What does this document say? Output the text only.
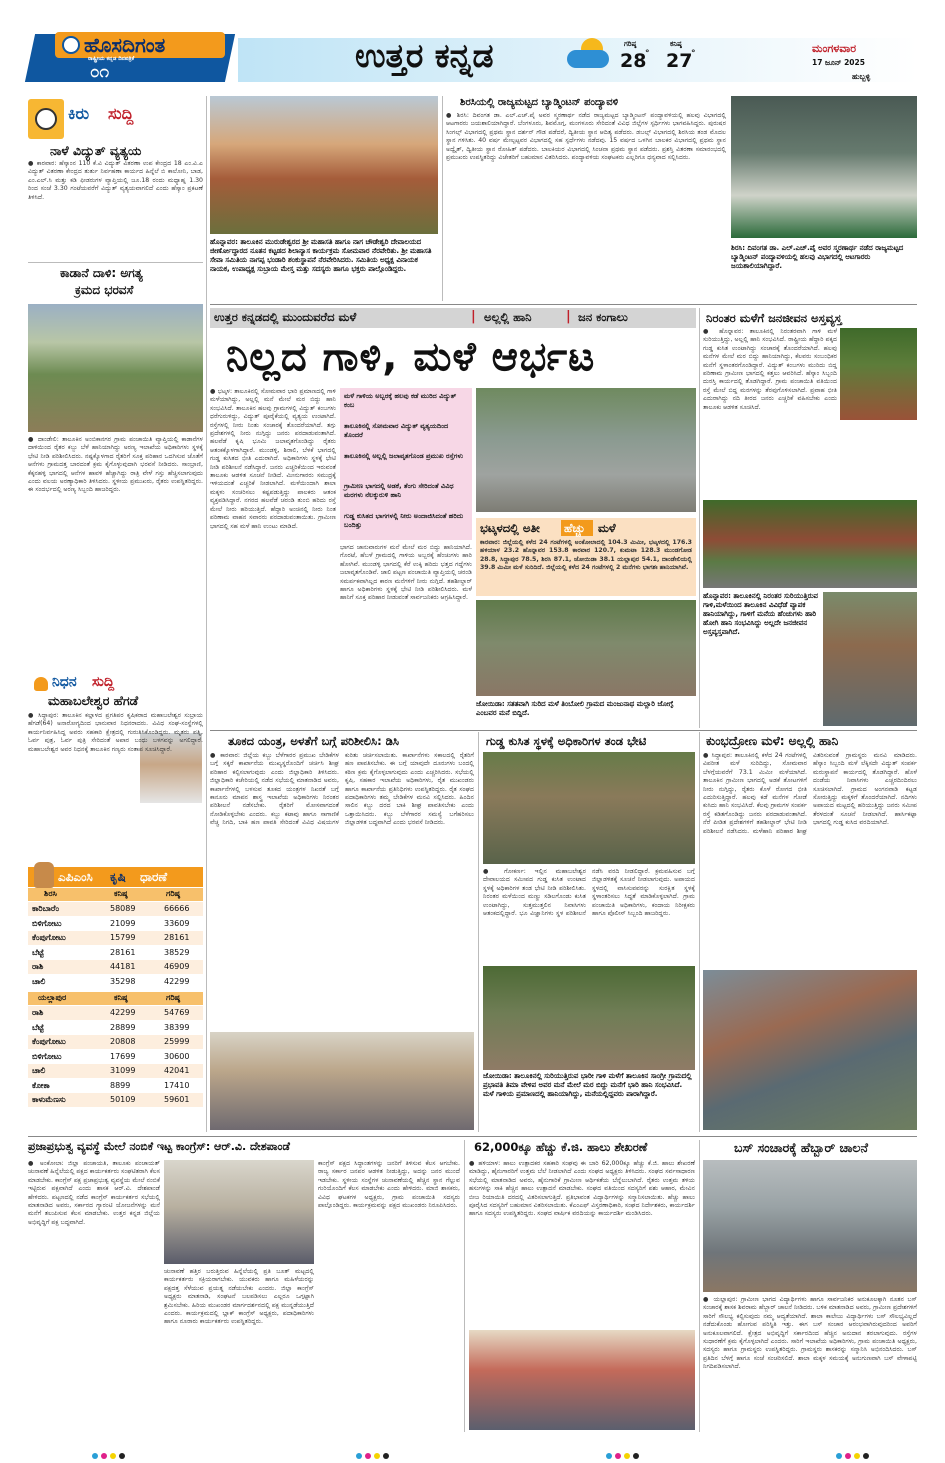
ಹೊಸದಿಗಂತ
ರಾಷ್ಟ್ರೀಯ ಕನ್ನಡ ದಿನಪತ್ರಿಕೆ
೦೧	ಉತ್ತರ ಕನ್ನಡ	ಗರಿಷ್ಠ
28
°
ಕನಿಷ್ಠ
27
°	ಮಂಗಳವಾರ
17 ಜೂನ್ 2025
ಹುಬ್ಬಳ್ಳಿ
ಕಿರು ಸುದ್ದಿ
ನಾಳೆ ವಿದ್ಯುತ್ ವ್ಯತ್ಯಯ
● ಕಾರವಾರ: ಹೆಸ್ಕಾಂನ 110 ಕೆ.ವಿ ವಿದ್ಯುತ್ ವಿತರಣಾ ಉಪ ಕೇಂದ್ರದ 18 ಎಂ.ವಿ.ಎ ವಿದ್ಯುತ್ ವಿತರಣಾ ಕೇಂದ್ರದ ತುರ್ತು ನಿರ್ವಹಣಾ ಕಾರ್ಯದ ಹಿನ್ನೆಲೆ ಬಿ ಕಾಲೋನಿ, ಬಾಡ, ಎಂ.ಎಲ್.ಸಿ ಮತ್ತು ಕಡಿ ಫೀಡರುಗಳ ವ್ಯಾಪ್ತಿಯಲ್ಲಿ ಜೂ.18 ರಂದು ಮಧ್ಯಾಹ್ನ 1.30 ರಿಂದ ಸಂಜೆ 3.30 ಗಂಟೆಯವರೆಗೆ ವಿದ್ಯುತ್ ವ್ಯತ್ಯಯವಾಗಲಿದೆ ಎಂದು ಹೆಸ್ಕಾಂ ಪ್ರಕಟಣೆ ತಿಳಿಸಿದೆ.
ಕಾಡಾನೆ ದಾಳಿ: ಅಗತ್ಯ
ಕ್ರಮದ ಭರವಸೆ
● ದಾಂಡೇಲಿ: ತಾಲೂಕಿನ ಅಂಬಿಕಾನಗರ ಗ್ರಾಮ ಪಂಚಾಯಿತಿ ವ್ಯಾಪ್ತಿಯಲ್ಲಿ ಕಾಡಾನೆಗಳ ದಾಳಿಯಿಂದ ರೈತರ ಕಬ್ಬು ಬೆಳೆ ಹಾನಿಯಾಗಿದ್ದು ಅರಣ್ಯ ಇಲಾಖೆಯ ಅಧಿಕಾರಿಗಳು ಸ್ಥಳಕ್ಕೆ ಭೇಟಿ ನೀಡಿ ಪರಿಶೀಲಿಸಿದರು. ನಷ್ಟಕ್ಕೊಳಗಾದ ರೈತರಿಗೆ ಸೂಕ್ತ ಪರಿಹಾರ ಒದಗಿಸುವ ಜೊತೆಗೆ ಆನೆಗಳು ಗ್ರಾಮದತ್ತ ಬಾರದಂತೆ ಕ್ರಮ ಕೈಗೊಳ್ಳುವುದಾಗಿ ಭರವಸೆ ನೀಡಿದರು. ಸಾಂಬ್ರಾಣಿ, ಕೆಕ್ಕನಹಳ್ಳಿ ಭಾಗದಲ್ಲಿ ಆನೆಗಳ ಹಾವಳಿ ಹೆಚ್ಚಾಗಿದ್ದು ರಾತ್ರಿ ವೇಳೆ ಗಸ್ತು ಹೆಚ್ಚಿಸಲಾಗುವುದು ಎಂದು ವಲಯ ಅರಣ್ಯಾಧಿಕಾರಿ ತಿಳಿಸಿದರು. ಸ್ಥಳೀಯ ಪ್ರಮುಖರು, ರೈತರು ಉಪಸ್ಥಿತರಿದ್ದರು. ಈ ಸಂದರ್ಭದಲ್ಲಿ ಅರಣ್ಯ ಸಿಬ್ಬಂದಿ ಹಾಜರಿದ್ದರು.
ನಿಧನ ಸುದ್ದಿ
ಮಹಾಬಲೇಶ್ವರ ಹೆಗಡೆ
● ಸಿದ್ದಾಪುರ: ತಾಲೂಕಿನ ಕಲ್ಲಾಳದ ಪ್ರಗತಿಪರ ಕೃಷಿಕರಾದ ಮಹಾಬಲೇಶ್ವರ ಸುಬ್ರಾಯ ಹೆಗಡೆ(64) ಅನಾರೋಗ್ಯದಿಂದ ಭಾನುವಾರ ನಿಧನರಾದರು. ವಿವಿಧ ಸಂಘ-ಸಂಸ್ಥೆಗಳಲ್ಲಿ ಕಾರ್ಯನಿರ್ವಹಿಸಿದ್ದ ಅವರು ಸಹಕಾರಿ ಕ್ಷೇತ್ರದಲ್ಲಿ ಗುರುತಿಸಿಕೊಂಡಿದ್ದರು. ಮೃತರು ಪತ್ನಿ, ಓರ್ವ ಪುತ್ರ, ಓರ್ವ ಪುತ್ರಿ ಸೇರಿದಂತೆ ಅಪಾರ ಬಂಧು ಬಳಗವನ್ನು ಅಗಲಿದ್ದಾರೆ. ಮಹಾಬಲೇಶ್ವರ ಅವರ ನಿಧನಕ್ಕೆ ತಾಲೂಕಿನ ಗಣ್ಯರು ಸಂತಾಪ ಸೂಚಿಸಿದ್ದಾರೆ.
ಎಪಿಎಂಸಿ ಕೃಷಿ ಧಾರಣೆ
ಶಿರಸಿ	ಕನಿಷ್ಠ	ಗರಿಷ್ಠ
ಕಾರಿಬಾರೆಂ	58089	66666
ಬಿಳಿಗೋಟು	21099	33609
ಕೆಂಪುಗೋಟು	15799	28161
ಬೆಟ್ಟೆ	28161	38529
ರಾಶಿ	44181	46909
ಚಾಲಿ	35298	42299
ಯಲ್ಲಾಪುರ	ಕನಿಷ್ಠ	ಗರಿಷ್ಠ
ರಾಶಿ	42299	54769
ಬೆಟ್ಟೆ	28899	38399
ಕೆಂಪುಗೋಟು	20808	25999
ಬಿಳಿಗೋಟು	17699	30600
ಚಾಲಿ	31099	42041
ಕೋಕಾ	8899	17410
ಕಾಳುಮೆಣಸು	50109	59601
ಹೊನ್ನಾವರ: ತಾಲೂಕಿನ ಮುರುಡೇಶ್ವರದ ಶ್ರೀ ಮಹಾಸತಿ ಹಾಗೂ ನಾಗ ಚೌಡೇಶ್ವರಿ ದೇವಾಲಯದ ಜೀರ್ಣೋದ್ಧಾರದ ನೂತನ ಕಟ್ಟಡದ ಶಿಲಾನ್ಯಾಸ ಕಾರ್ಯಕ್ರಮ ಸೋಮವಾರ ನೆರವೇರಿತು. ಶ್ರೀ ಮಹಾಸತಿ ಸೇವಾ ಸಮಿತಿಯ ನಾಗಪ್ಪ ಭಂಡಾರಿ ಶಂಕುಸ್ಥಾಪನೆ ನೆರವೇರಿಸಿದರು. ಸಮಿತಿಯ ಅಧ್ಯಕ್ಷ ವಿನಾಯಕ ನಾಯಕ, ಉಪಾಧ್ಯಕ್ಷ ಸುಬ್ರಾಯ ಮೇಸ್ತ ಮತ್ತು ಸದಸ್ಯರು ಹಾಗೂ ಭಕ್ತರು ಪಾಲ್ಗೊಂಡಿದ್ದರು.
ಶಿರಸಿಯಲ್ಲಿ ರಾಜ್ಯಮಟ್ಟದ ಬ್ಯಾಡ್ಮಿಂಟನ್ ಪಂದ್ಯಾವಳಿ
● ಶಿರಸಿ: ದಿವಂಗತ ಡಾ. ಎಲ್.ಎಚ್.ಪೈ ಅವರ ಸ್ಮರಣಾರ್ಥ ನಡೆದ ರಾಜ್ಯಮಟ್ಟದ ಬ್ಯಾಡ್ಮಿಂಟನ್ ಪಂದ್ಯಾವಳಿಯಲ್ಲಿ ಹಲವು ವಿಭಾಗದಲ್ಲಿ ಆಟಗಾರರು ಜಯಶಾಲಿಯಾಗಿದ್ದಾರೆ. ಬೆಂಗಳೂರು, ಶಿವಮೊಗ್ಗ, ಮಂಗಳೂರು ಸೇರಿದಂತೆ ವಿವಿಧ ಜಿಲ್ಲೆಗಳ ಸ್ಪರ್ಧಿಗಳು ಭಾಗವಹಿಸಿದ್ದರು. ಪುರುಷರ ಸಿಂಗಲ್ಸ್ ವಿಭಾಗದಲ್ಲಿ ಪ್ರಥಮ ಸ್ಥಾನ ದರ್ಶನ್ ಗೌಡ ಪಡೆದರೆ, ದ್ವಿತೀಯ ಸ್ಥಾನ ಆದಿತ್ಯ ಪಡೆದರು. ಡಬಲ್ಸ್ ವಿಭಾಗದಲ್ಲಿ ಶಿರಸಿಯ ತಂಡ ಮೊದಲ ಸ್ಥಾನ ಗಳಿಸಿತು. 40 ವರ್ಷ ಮೇಲ್ಪಟ್ಟವರ ವಿಭಾಗದಲ್ಲಿ ಸಹ ಸ್ಪರ್ಧೆಗಳು ನಡೆದವು. 15 ವರ್ಷದ ಒಳಗಿನ ಬಾಲಕರ ವಿಭಾಗದಲ್ಲಿ ಪ್ರಥಮ ಸ್ಥಾನ ಅದ್ವೈತ್, ದ್ವಿತೀಯ ಸ್ಥಾನ ರೋಹಿತ್ ಪಡೆದರು. ಬಾಲಕಿಯರ ವಿಭಾಗದಲ್ಲಿ ಸಿಂಚನಾ ಪ್ರಥಮ ಸ್ಥಾನ ಪಡೆದರು. ಪ್ರಶಸ್ತಿ ವಿತರಣಾ ಸಮಾರಂಭದಲ್ಲಿ ಪ್ರಮುಖರು ಉಪಸ್ಥಿತರಿದ್ದು ವಿಜೇತರಿಗೆ ಬಹುಮಾನ ವಿತರಿಸಿದರು. ಪಂದ್ಯಾವಳಿಯ ಸಂಘಟಕರು ಎಲ್ಲರಿಗೂ ಧನ್ಯವಾದ ಸಲ್ಲಿಸಿದರು.
ಶಿರಸಿ: ದಿವಂಗತ ಡಾ. ಎಲ್.ಎಚ್.ಪೈ ಅವರ ಸ್ಮರಣಾರ್ಥ ನಡೆದ ರಾಜ್ಯಮಟ್ಟದ ಬ್ಯಾಡ್ಮಿಂಟನ್ ಪಂದ್ಯಾವಳಿಯಲ್ಲಿ ಹಲವು ವಿಭಾಗದಲ್ಲಿ ಆಟಗಾರರು ಜಯಶಾಲಿಯಾಗಿದ್ದಾರೆ.
ಉತ್ತರ ಕನ್ನಡದಲ್ಲಿ ಮುಂದುವರೆದ ಮಳೆ	| ಅಲ್ಲಲ್ಲಿ ಹಾನಿ	| ಜನ ಕಂಗಾಲು
ನಿಲ್ಲದ ಗಾಳಿ, ಮಳೆ ಆರ್ಭಟ
● ಭಟ್ಕಳ: ತಾಲೂಕಿನಲ್ಲಿ ಸೋಮವಾರ ಭಾರಿ ಪ್ರಮಾಣದಲ್ಲಿ ಗಾಳಿ ಮಳೆಯಾಗಿದ್ದು, ಅಲ್ಲಲ್ಲಿ ಮನೆ ಮೇಲೆ ಮರ ಬಿದ್ದು ಹಾನಿ ಸಂಭವಿಸಿದೆ. ತಾಲೂಕಿನ ಹಲವು ಗ್ರಾಮಗಳಲ್ಲಿ ವಿದ್ಯುತ್ ಕಂಬಗಳು ಧರೆಗುರುಳಿದ್ದು, ವಿದ್ಯುತ್ ಪೂರೈಕೆಯಲ್ಲಿ ವ್ಯತ್ಯಯ ಉಂಟಾಗಿದೆ. ರಸ್ತೆಗಳಲ್ಲಿ ನೀರು ನಿಂತು ಸಂಚಾರಕ್ಕೆ ತೊಂದರೆಯಾಗಿದೆ. ತಗ್ಗು ಪ್ರದೇಶಗಳಲ್ಲಿ ನೀರು ನುಗ್ಗಿದ್ದು ಜನರು ಪರದಾಡುವಂತಾಗಿದೆ. ಹಲವೆಡೆ ಕೃಷಿ ಭೂಮಿ ಜಲಾವೃತಗೊಂಡಿದ್ದು ರೈತರು ಆತಂಕಕ್ಕೊಳಗಾಗಿದ್ದಾರೆ. ಮುಂಡಳ್ಳಿ, ಶಿರಾಲಿ, ಬೆಳಕೆ ಭಾಗದಲ್ಲಿ ಗುಡ್ಡ ಕುಸಿತದ ಭೀತಿ ಎದುರಾಗಿದೆ. ಅಧಿಕಾರಿಗಳು ಸ್ಥಳಕ್ಕೆ ಭೇಟಿ ನೀಡಿ ಪರಿಶೀಲನೆ ನಡೆಸಿದ್ದಾರೆ. ಜನರು ಎಚ್ಚರಿಕೆಯಿಂದ ಇರುವಂತೆ ತಾಲೂಕು ಆಡಳಿತ ಸೂಚನೆ ನೀಡಿದೆ. ಮೀನುಗಾರರು ಸಮುದ್ರಕ್ಕೆ ಇಳಿಯದಂತೆ ಎಚ್ಚರಿಕೆ ನೀಡಲಾಗಿದೆ. ಮಳೆಯಿಂದಾಗಿ ಶಾಲಾ ಮಕ್ಕಳು ಸಂಚರಿಸಲು ಕಷ್ಟಪಡುತ್ತಿದ್ದು ಪಾಲಕರು ಆತಂಕ ವ್ಯಕ್ತಪಡಿಸಿದ್ದಾರೆ. ನಗರದ ಹಲವೆಡೆ ಚರಂಡಿ ತುಂಬಿ ಹರಿದು ರಸ್ತೆ ಮೇಲೆ ನೀರು ಹರಿಯುತ್ತಿದೆ. ಹೆದ್ದಾರಿ ಅಂಚಿನಲ್ಲಿ ನೀರು ನಿಂತ ಪರಿಣಾಮ ವಾಹನ ಸವಾರರು ಪರದಾಡುವಂತಾಯಿತು. ಗ್ರಾಮೀಣ ಭಾಗದಲ್ಲಿ ಸಹ ಮಳೆ ಹಾನಿ ಉಂಟು ಮಾಡಿದೆ.
ಮಳೆ ಗಾಳಿಯ ಅಬ್ಬರಕ್ಕೆ ಹಲವು ಕಡೆ ಮುರಿದ ವಿದ್ಯುತ್ ಕಂಬ
ತಾಲೂಕಿನಲ್ಲಿ ಸೋಮವಾರ ವಿದ್ಯುತ್ ವ್ಯತ್ಯಯದಿಂದ ತೊಂದರೆ
ತಾಲೂಕಿನಲ್ಲಿ ಅಲ್ಲಲ್ಲಿ ಜಲಾವೃತಗೊಂಡ ಪ್ರಮುಖ ರಸ್ತೆಗಳು
ಗ್ರಾಮೀಣ ಭಾಗದಲ್ಲಿ ಅಡಕೆ, ತೆಂಗು ಸೇರಿದಂತೆ ವಿವಿಧ ಮರಗಳು ನೆಲಕ್ಕುರುಳಿ ಹಾನಿ
ಗುಡ್ಡ ಕುಸಿತದ ಭಾಗಗಳಲ್ಲಿ ನೀರು ಅಂದಾಜಿಸಿದಂತೆ ಹರಿದು ಬಂದಿತ್ತು	ಭಟ್ಕಳದಲ್ಲಿ ಅತೀ ಹೆಚ್ಚು ಮಳೆ
ಕಾರವಾರ: ಜಿಲ್ಲೆಯಲ್ಲಿ ಕಳೆದ 24 ಗಂಟೆಗಳಲ್ಲಿ ಅಂಕೋಲಾದಲ್ಲಿ 104.3 ಮಿಮೀ, ಭಟ್ಕಳದಲ್ಲಿ 176.3 ಹಳಿಯಾಳ 23.2 ಹೊನ್ನಾವರ 153.8 ಕಾರವಾರ 120.7, ಕುಮಟಾ 128.3 ಮುಂಡಗೋಡ 28.8, ಸಿದ್ದಾಪುರ 78.5, ಶಿರಸಿ 87.1, ಜೋಯಿಡಾ 38.1 ಯಲ್ಲಾಪುರ 54.1, ದಾಂಡೇಲಿಯಲ್ಲಿ 39.8 ಮಿಮೀ ಮಳೆ ಸುರಿದಿದೆ. ಜಿಲ್ಲೆಯಲ್ಲಿ ಕಳೆದ 24 ಗಂಟೆಗಳಲ್ಲಿ 2 ಮನೆಗಳು ಭಾಗಶಃ ಹಾನಿಯಾಗಿವೆ.
ಭಾಗದ ಜಾನುವಾರುಗಳ ಮನೆ ಮೇಲೆ ಮರ ಬಿದ್ದು ಹಾನಿಯಾಗಿದೆ. ಗೊರಟೆ, ಹೆಬಳೆ ಗ್ರಾಮದಲ್ಲಿ ಗಾಳಿಯ ಅಬ್ಬರಕ್ಕೆ ಹೆಂಚುಗಳು ಹಾರಿ ಹೋಗಿವೆ. ಮುಂಡಳ್ಳಿ ಭಾಗದಲ್ಲಿ ಕೆರೆ ಉಕ್ಕಿ ಹರಿದು ಭತ್ತದ ಗದ್ದೆಗಳು ಜಲಾವೃತಗೊಂಡಿವೆ. ಜಾಲಿ ಪಟ್ಟಣ ಪಂಚಾಯಿತಿ ವ್ಯಾಪ್ತಿಯಲ್ಲಿ ಚರಂಡಿ ಸಮರ್ಪಕವಾಗಿಲ್ಲದ ಕಾರಣ ಮನೆಗಳಿಗೆ ನೀರು ನುಗ್ಗಿದೆ. ತಹಶೀಲ್ದಾರ್ ಹಾಗೂ ಅಧಿಕಾರಿಗಳು ಸ್ಥಳಕ್ಕೆ ಭೇಟಿ ನೀಡಿ ಪರಿಶೀಲಿಸಿದರು. ಮಳೆ ಹಾನಿಗೆ ಸೂಕ್ತ ಪರಿಹಾರ ನೀಡುವಂತೆ ಸಾರ್ವಜನಿಕರು ಆಗ್ರಹಿಸಿದ್ದಾರೆ.
ಜೋಯಿಡಾ: ಸತತವಾಗಿ ಸುರಿದ ಮಳೆ ತಿಂಬೋಲಿ ಗ್ರಾಮದ ಮಂಜುನಾಥ ಮಲ್ಲಾರಿ ಜೋಗ್ಳೆ ಎಂಬವರ ಮನೆ ಬಿದ್ದಿದೆ.
ನಿರಂತರ ಮಳೆಗೆ ಜನಜೀವನ ಅಸ್ತವ್ಯಸ್ತ
● ಹೊನ್ನಾವರ: ತಾಲೂಕಿನಲ್ಲಿ ನಿರಂತರವಾಗಿ ಗಾಳಿ ಮಳೆ ಸುರಿಯುತ್ತಿದ್ದು, ಅಲ್ಲಲ್ಲಿ ಹಾನಿ ಸಂಭವಿಸಿದೆ. ರಾಷ್ಟ್ರೀಯ ಹೆದ್ದಾರಿ ಪಕ್ಕದ ಗುಡ್ಡ ಕುಸಿತ ಉಂಟಾಗಿದ್ದು ಸಂಚಾರಕ್ಕೆ ತೊಂದರೆಯಾಗಿದೆ. ಹಲವು ಮನೆಗಳ ಮೇಲೆ ಮರ ಬಿದ್ದು ಹಾನಿಯಾಗಿದ್ದು, ಕೆಲವರು ಸಂಬಂಧಿಕರ ಮನೆಗೆ ಸ್ಥಳಾಂತರಗೊಂಡಿದ್ದಾರೆ. ವಿದ್ಯುತ್ ಕಂಬಗಳು ಮುರಿದು ಬಿದ್ದ ಪರಿಣಾಮ ಗ್ರಾಮೀಣ ಭಾಗದಲ್ಲಿ ಕತ್ತಲು ಆವರಿಸಿದೆ. ಹೆಸ್ಕಾಂ ಸಿಬ್ಬಂದಿ ದುರಸ್ತಿ ಕಾರ್ಯದಲ್ಲಿ ತೊಡಗಿದ್ದಾರೆ. ಗ್ರಾಮ ಪಂಚಾಯಿತಿ ವತಿಯಿಂದ ರಸ್ತೆ ಮೇಲೆ ಬಿದ್ದ ಮರಗಳನ್ನು ತೆರವುಗೊಳಿಸಲಾಗಿದೆ. ಪ್ರವಾಹ ಭೀತಿ ಎದುರಾಗಿದ್ದು ನದಿ ತೀರದ ಜನರು ಎಚ್ಚರಿಕೆ ವಹಿಸಬೇಕು ಎಂದು ತಾಲೂಕು ಆಡಳಿತ ಸೂಚಿಸಿದೆ.
ಹೊನ್ನಾವರ: ತಾಲೂಕಿನಲ್ಲಿ ನಿರಂತರ ಸುರಿಯುತ್ತಿರುವ ಗಾಳಿ,ಮಳೆಯಿಂದ ತಾಲೂಕಿನ ವಿವಿಧೆಡೆ ವ್ಯಾಪಕ ಹಾನಿಯಾಗಿದ್ದು, ಗಾಳಿಗೆ ಮನೆಯ ಹೆಂಚುಗಳು ಹಾರಿ ಹೋಗಿ ಹಾನಿ ಸಂಭವಿಸಿದ್ದು ಅಲ್ಲದೇ ಜನಜೀವನ ಅಸ್ತವ್ಯಸ್ತವಾಗಿದೆ.
ತೂಕದ ಯಂತ್ರ, ಅಳತೆಗೆ ಬಗ್ಗೆ ಪರಿಶೀಲಿಸಿ: ಡಿಸಿ
● ಕಾರವಾರ: ಜಿಲ್ಲೆಯ ಕಬ್ಬು ಬೆಳೆಗಾರರ ಪ್ರಮುಖ ಬೇಡಿಕೆಗಳ ಬಗ್ಗೆ ಸಕ್ಕರೆ ಕಾರ್ಖಾನೆಯ ಮುಖ್ಯಸ್ಥರೊಂದಿಗೆ ಚರ್ಚಿಸಿ ಶೀಘ್ರ ಪರಿಹಾರ ಕಲ್ಪಿಸಲಾಗುವುದು ಎಂದು ಜಿಲ್ಲಾಧಿಕಾರಿ ತಿಳಿಸಿದರು. ಜಿಲ್ಲಾಧಿಕಾರಿ ಕಚೇರಿಯಲ್ಲಿ ನಡೆದ ಸಭೆಯಲ್ಲಿ ಮಾತನಾಡಿದ ಅವರು, ಕಾರ್ಖಾನೆಗಳಲ್ಲಿ ಬಳಸುವ ತೂಕದ ಯಂತ್ರಗಳ ನಿಖರತೆ ಬಗ್ಗೆ ಕಾನೂನು ಮಾಪನ ಶಾಸ್ತ್ರ ಇಲಾಖೆಯ ಅಧಿಕಾರಿಗಳು ನಿರಂತರ ಪರಿಶೀಲನೆ ನಡೆಸಬೇಕು. ರೈತರಿಗೆ ಮೋಸವಾಗದಂತೆ ನೋಡಿಕೊಳ್ಳಬೇಕು ಎಂದರು. ಕಬ್ಬು ಕಟಾವು ಹಾಗೂ ಸಾಗಾಣಿಕೆ ವೆಚ್ಚ ನಿಗದಿ, ಬಾಕಿ ಹಣ ಪಾವತಿ ಸೇರಿದಂತೆ ವಿವಿಧ ವಿಷಯಗಳ ಕುರಿತು ಚರ್ಚಿಸಲಾಯಿತು. ಕಾರ್ಖಾನೆಗಳು ಸಕಾಲದಲ್ಲಿ ರೈತರಿಗೆ ಹಣ ಪಾವತಿಸಬೇಕು. ಈ ಬಗ್ಗೆ ಯಾವುದೇ ದೂರುಗಳು ಬಂದಲ್ಲಿ ಕಠಿಣ ಕ್ರಮ ಕೈಗೊಳ್ಳಲಾಗುವುದು ಎಂದು ಎಚ್ಚರಿಸಿದರು. ಸಭೆಯಲ್ಲಿ ಕೃಷಿ, ಸಹಕಾರ ಇಲಾಖೆಯ ಅಧಿಕಾರಿಗಳು, ರೈತ ಮುಖಂಡರು ಹಾಗೂ ಕಾರ್ಖಾನೆಯ ಪ್ರತಿನಿಧಿಗಳು ಉಪಸ್ಥಿತರಿದ್ದರು. ರೈತ ಸಂಘದ ಪದಾಧಿಕಾರಿಗಳು ತಮ್ಮ ಬೇಡಿಕೆಗಳ ಮನವಿ ಸಲ್ಲಿಸಿದರು. ಹಿಂದಿನ ಸಾಲಿನ ಕಬ್ಬು ದರದ ಬಾಕಿ ಶೀಘ್ರ ಪಾವತಿಸಬೇಕು ಎಂದು ಒತ್ತಾಯಿಸಿದರು. ಕಬ್ಬು ಬೆಳೆಗಾರರ ಸಮಸ್ಯೆ ಬಗೆಹರಿಸಲು ಜಿಲ್ಲಾಡಳಿತ ಬದ್ಧವಾಗಿದೆ ಎಂದು ಭರವಸೆ ನೀಡಿದರು.
ಗುಡ್ಡ ಕುಸಿತ ಸ್ಥಳಕ್ಕೆ ಅಧಿಕಾರಿಗಳ ತಂಡ ಭೇಟಿ
● ಗೋಕರ್ಣ: ಇಲ್ಲಿನ ಮಹಾಬಲೇಶ್ವರ ದೇವಾಲಯದ ಸಮೀಪದ ಗುಡ್ಡ ಕುಸಿತ ಉಂಟಾದ ಸ್ಥಳಕ್ಕೆ ಅಧಿಕಾರಿಗಳ ತಂಡ ಭೇಟಿ ನೀಡಿ ಪರಿಶೀಲಿಸಿತು. ನಿರಂತರ ಮಳೆಯಿಂದ ಮಣ್ಣು ಸಡಿಲಗೊಂಡು ಕುಸಿತ ಉಂಟಾಗಿದ್ದು, ಸುತ್ತಮುತ್ತಲಿನ ನಿವಾಸಿಗಳು ಆತಂಕದಲ್ಲಿದ್ದಾರೆ. ಭೂ ವಿಜ್ಞಾನಿಗಳು ಸ್ಥಳ ಪರಿಶೀಲನೆ ನಡೆಸಿ ವರದಿ ನೀಡಲಿದ್ದಾರೆ. ಕ್ರಮವಹಿಸುವ ಬಗ್ಗೆ ಜಿಲ್ಲಾಡಳಿತಕ್ಕೆ ಸೂಚನೆ ನೀಡಲಾಗುವುದು. ಅಪಾಯದ ಸ್ಥಳದಲ್ಲಿ ವಾಸಿಸುವವರನ್ನು ಸುರಕ್ಷಿತ ಸ್ಥಳಕ್ಕೆ ಸ್ಥಳಾಂತರಿಸಲು ಸಿದ್ಧತೆ ಮಾಡಿಕೊಳ್ಳಲಾಗಿದೆ. ಗ್ರಾಮ ಪಂಚಾಯಿತಿ ಅಧಿಕಾರಿಗಳು, ಕಂದಾಯ ನಿರೀಕ್ಷಕರು ಹಾಗೂ ಪೊಲೀಸ್ ಸಿಬ್ಬಂದಿ ಹಾಜರಿದ್ದರು.
ಜೋಯಿಡಾ: ತಾಲೂಕಿನಲ್ಲಿ ಸುರಿಯುತ್ತಿರುವ ಭಾರೀ ಗಾಳಿ ಮಳೆಗೆ ತಾಲೂಕಿನ ಸಾಂಗ್ರೀ ಗ್ರಾಮದಲ್ಲಿ ಪ್ರಭಾವತಿ ತಿಮಾ ವೇಳಿಪ ಅವರ ಮನೆ ಮೇಲೆ ಮರ ಬಿದ್ದು ಮನೆಗೆ ಭಾರಿ ಹಾನಿ ಸಂಭವಿಸಿದೆ. ಮಳೆ ಗಾಳಿಯ ಪ್ರಮಾಣದಲ್ಲಿ ಹಾನಿಯಾಗಿದ್ದು, ಮನೆಯಲ್ಲಿದ್ದವರು ಪಾರಾಗಿದ್ದಾರೆ.
ಕುಂಭದ್ರೋಣ ಮಳೆ: ಅಲ್ಲಲ್ಲಿ ಹಾನಿ
● ಸಿದ್ದಾಪುರ: ತಾಲೂಕಿನಲ್ಲಿ ಕಳೆದ 24 ಗಂಟೆಗಳಲ್ಲಿ ವಿಪರೀತ ಮಳೆ ಸುರಿದಿದ್ದು, ಸೋಮವಾರ ಬೆಳಗ್ಗೆಯವರೆಗೆ 73.1 ಮಿಮೀ ಮಳೆಯಾಗಿದೆ. ತಾಲೂಕಿನ ಗ್ರಾಮೀಣ ಭಾಗದಲ್ಲಿ ಅಡಕೆ ತೋಟಗಳಿಗೆ ನೀರು ನುಗ್ಗಿದ್ದು, ರೈತರು ಕೊಳೆ ರೋಗದ ಭೀತಿ ಎದುರಿಸುತ್ತಿದ್ದಾರೆ. ಹಲವು ಕಡೆ ಮನೆಗಳ ಗೋಡೆ ಕುಸಿದು ಹಾನಿ ಸಂಭವಿಸಿದೆ. ಕೆಲವು ಗ್ರಾಮಗಳ ಸಂಪರ್ಕ ರಸ್ತೆ ಕಡಿತಗೊಂಡಿದ್ದು ಜನರು ಪರದಾಡುವಂತಾಗಿದೆ. ನೆರೆ ಪೀಡಿತ ಪ್ರದೇಶಗಳಿಗೆ ತಹಶೀಲ್ದಾರ್ ಭೇಟಿ ನೀಡಿ ಪರಿಶೀಲನೆ ನಡೆಸಿದರು. ಮಳೆಹಾನಿ ಪರಿಹಾರ ಶೀಘ್ರ ವಿತರಿಸುವಂತೆ ಗ್ರಾಮಸ್ಥರು ಮನವಿ ಮಾಡಿದರು. ಹೆಸ್ಕಾಂ ಸಿಬ್ಬಂದಿ ಮಳೆ ಲೆಕ್ಕಿಸದೇ ವಿದ್ಯುತ್ ಸಂಪರ್ಕ ಮರುಸ್ಥಾಪನೆ ಕಾರ್ಯದಲ್ಲಿ ತೊಡಗಿದ್ದಾರೆ. ಹೊಳೆ ದಂಡೆಯ ನಿವಾಸಿಗಳು ಎಚ್ಚರದಿಂದಿರಲು ಸೂಚಿಸಲಾಗಿದೆ. ಗ್ರಾಮದ ಅಂಗನವಾಡಿ ಕಟ್ಟಡ ಸೋರುತ್ತಿದ್ದು ಮಕ್ಕಳಿಗೆ ತೊಂದರೆಯಾಗಿದೆ. ನದಿಗಳು ಅಪಾಯದ ಮಟ್ಟದಲ್ಲಿ ಹರಿಯುತ್ತಿದ್ದು ಜನರು ಸಮೀಪ ತೆರಳದಂತೆ ಸೂಚನೆ ನೀಡಲಾಗಿದೆ. ಹಾರ್ಸಿಕಟ್ಟಾ ಭಾಗದಲ್ಲಿ ಗುಡ್ಡ ಕುಸಿದ ವರದಿಯಾಗಿದೆ.
ಪ್ರಜಾಪ್ರಭುತ್ವ ವ್ಯವಸ್ಥೆ ಮೇಲೆ ನಂಬಿಕೆ ಇಟ್ಟ ಕಾಂಗ್ರೆಸ್: ಆರ್.ವಿ. ದೇಶಪಾಂಡೆ
● ಅಂಕೋಲಾ: ಜಿಲ್ಲಾ ಪಂಚಾಯತಿ, ತಾಲೂಕು ಪಂಚಾಯತ್ ಚುನಾವಣೆ ಹಿನ್ನೆಲೆಯಲ್ಲಿ ಪಕ್ಷದ ಕಾರ್ಯಕರ್ತರು ಸಂಘಟಿತರಾಗಿ ಕೆಲಸ ಮಾಡಬೇಕು. ಕಾಂಗ್ರೆಸ್ ಪಕ್ಷ ಪ್ರಜಾಪ್ರಭುತ್ವ ವ್ಯವಸ್ಥೆಯ ಮೇಲೆ ನಂಬಿಕೆ ಇಟ್ಟಿರುವ ಪಕ್ಷವಾಗಿದೆ ಎಂದು ಶಾಸಕ ಆರ್.ವಿ. ದೇಶಪಾಂಡೆ ಹೇಳಿದರು. ಪಟ್ಟಣದಲ್ಲಿ ನಡೆದ ಕಾಂಗ್ರೆಸ್ ಕಾರ್ಯಕರ್ತರ ಸಭೆಯಲ್ಲಿ ಮಾತನಾಡಿದ ಅವರು, ಸರ್ಕಾರದ ಗ್ಯಾರಂಟಿ ಯೋಜನೆಗಳನ್ನು ಮನೆ ಮನೆಗೆ ತಲುಪಿಸುವ ಕೆಲಸ ಮಾಡಬೇಕು. ಉತ್ತರ ಕನ್ನಡ ಜಿಲ್ಲೆಯ ಅಭಿವೃದ್ಧಿಗೆ ಪಕ್ಷ ಬದ್ಧವಾಗಿದೆ.
ಚುನಾವಣೆ ಹತ್ತಿರ ಬರುತ್ತಿರುವ ಹಿನ್ನೆಲೆಯಲ್ಲಿ ಪ್ರತಿ ಬೂತ್ ಮಟ್ಟದಲ್ಲಿ ಕಾರ್ಯಕರ್ತರು ಸಕ್ರಿಯರಾಗಬೇಕು. ಯುವಕರು ಹಾಗೂ ಮಹಿಳೆಯರನ್ನು ಪಕ್ಷದತ್ತ ಸೆಳೆಯುವ ಪ್ರಯತ್ನ ನಡೆಯಬೇಕು ಎಂದರು. ಜಿಲ್ಲಾ ಕಾಂಗ್ರೆಸ್ ಅಧ್ಯಕ್ಷರು ಮಾತನಾಡಿ, ಸಂಘಟನೆ ಬಲಪಡಿಸಲು ಎಲ್ಲರೂ ಒಗ್ಗಟ್ಟಾಗಿ ಶ್ರಮಿಸಬೇಕು. ಹಿರಿಯ ಮುಖಂಡರ ಮಾರ್ಗದರ್ಶನದಲ್ಲಿ ಪಕ್ಷ ಮುನ್ನಡೆಯುತ್ತಿದೆ ಎಂದರು. ಕಾರ್ಯಕ್ರಮದಲ್ಲಿ ಬ್ಲಾಕ್ ಕಾಂಗ್ರೆಸ್ ಅಧ್ಯಕ್ಷರು, ಪದಾಧಿಕಾರಿಗಳು ಹಾಗೂ ನೂರಾರು ಕಾರ್ಯಕರ್ತರು ಉಪಸ್ಥಿತರಿದ್ದರು.
ಕಾಂಗ್ರೆಸ್ ಪಕ್ಷದ ಸಿದ್ಧಾಂತಗಳನ್ನು ಜನರಿಗೆ ತಿಳಿಸುವ ಕೆಲಸ ಆಗಬೇಕು. ರಾಜ್ಯ ಸರ್ಕಾರ ಜನಪರ ಆಡಳಿತ ನೀಡುತ್ತಿದ್ದು, ಅದನ್ನು ಜನರ ಮುಂದೆ ಇಡಬೇಕು. ಸ್ಥಳೀಯ ಸಂಸ್ಥೆಗಳ ಚುನಾವಣೆಯಲ್ಲಿ ಹೆಚ್ಚಿನ ಸ್ಥಾನ ಗೆಲ್ಲುವ ಗುರಿಯೊಂದಿಗೆ ಕೆಲಸ ಮಾಡಬೇಕು ಎಂದು ಹೇಳಿದರು. ಮಾಜಿ ಶಾಸಕರು, ವಿವಿಧ ಘಟಕಗಳ ಅಧ್ಯಕ್ಷರು, ಗ್ರಾಮ ಪಂಚಾಯಿತಿ ಸದಸ್ಯರು ಪಾಲ್ಗೊಂಡಿದ್ದರು. ಕಾರ್ಯಕ್ರಮವನ್ನು ಪಕ್ಷದ ಮುಖಂಡರು ನಿರೂಪಿಸಿದರು.
62,000ಕ್ಕೂ ಹೆಚ್ಚು ಕೆ.ಜಿ. ಹಾಲು ಶೇಖರಣೆ
● ಹಳಿಯಾಳ: ಹಾಲು ಉತ್ಪಾದಕರ ಸಹಕಾರಿ ಸಂಘವು ಈ ಬಾರಿ 62,000ಕ್ಕೂ ಹೆಚ್ಚು ಕೆ.ಜಿ. ಹಾಲು ಶೇಖರಣೆ ಮಾಡಿದ್ದು, ಹೈನುಗಾರರಿಗೆ ಉತ್ತಮ ಬೆಲೆ ನೀಡಲಾಗಿದೆ ಎಂದು ಸಂಘದ ಅಧ್ಯಕ್ಷರು ತಿಳಿಸಿದರು. ಸಂಘದ ಸರ್ವಸಾಧಾರಣ ಸಭೆಯಲ್ಲಿ ಮಾತನಾಡಿದ ಅವರು, ಹೈನುಗಾರಿಕೆ ಗ್ರಾಮೀಣ ಆರ್ಥಿಕತೆಯ ಬೆನ್ನೆಲುಬಾಗಿದೆ. ರೈತರು ಉತ್ತಮ ತಳಿಯ ಹಸುಗಳನ್ನು ಸಾಕಿ ಹೆಚ್ಚಿನ ಹಾಲು ಉತ್ಪಾದನೆ ಮಾಡಬೇಕು. ಸಂಘದ ವತಿಯಿಂದ ಸದಸ್ಯರಿಗೆ ಪಶು ಆಹಾರ, ಮೇವಿನ ಬೀಜ ರಿಯಾಯಿತಿ ದರದಲ್ಲಿ ವಿತರಿಸಲಾಗುತ್ತಿದೆ. ಪ್ರತಿಭಾವಂತ ವಿದ್ಯಾರ್ಥಿಗಳನ್ನು ಸನ್ಮಾನಿಸಲಾಯಿತು. ಹೆಚ್ಚು ಹಾಲು ಪೂರೈಸಿದ ಸದಸ್ಯರಿಗೆ ಬಹುಮಾನ ವಿತರಿಸಲಾಯಿತು. ಕೆಎಂಎಫ್ ವಿಸ್ತರಣಾಧಿಕಾರಿ, ಸಂಘದ ನಿರ್ದೇಶಕರು, ಕಾರ್ಯದರ್ಶಿ ಹಾಗೂ ಸದಸ್ಯರು ಉಪಸ್ಥಿತರಿದ್ದರು. ಸಂಘದ ವಾರ್ಷಿಕ ವರದಿಯನ್ನು ಕಾರ್ಯದರ್ಶಿ ಮಂಡಿಸಿದರು.
ಬಸ್ ಸಂಚಾರಕ್ಕೆ ಹೆಬ್ಬಾರ್ ಚಾಲನೆ
● ಯಲ್ಲಾಪುರ: ಗ್ರಾಮೀಣ ಭಾಗದ ವಿದ್ಯಾರ್ಥಿಗಳು ಹಾಗೂ ಸಾರ್ವಜನಿಕರ ಅನುಕೂಲಕ್ಕಾಗಿ ನೂತನ ಬಸ್ ಸಂಚಾರಕ್ಕೆ ಶಾಸಕ ಶಿವರಾಮ ಹೆಬ್ಬಾರ್ ಚಾಲನೆ ನೀಡಿದರು. ಬಳಿಕ ಮಾತನಾಡಿದ ಅವರು, ಗ್ರಾಮೀಣ ಪ್ರದೇಶಗಳಿಗೆ ಸಾರಿಗೆ ಸೌಲಭ್ಯ ಕಲ್ಪಿಸುವುದು ನಮ್ಮ ಆದ್ಯತೆಯಾಗಿದೆ. ಶಾಲಾ ಕಾಲೇಜು ವಿದ್ಯಾರ್ಥಿಗಳು ಬಸ್ ಸೌಲಭ್ಯವಿಲ್ಲದೆ ನಡೆದುಕೊಂಡು ಹೋಗುವ ಪರಿಸ್ಥಿತಿ ಇತ್ತು. ಈಗ ಬಸ್ ಸಂಚಾರ ಆರಂಭವಾಗಿರುವುದರಿಂದ ಅವರಿಗೆ ಅನುಕೂಲವಾಗಲಿದೆ. ಕ್ಷೇತ್ರದ ಅಭಿವೃದ್ಧಿಗೆ ಸರ್ಕಾರದಿಂದ ಹೆಚ್ಚಿನ ಅನುದಾನ ತರಲಾಗುವುದು. ರಸ್ತೆಗಳ ಸುಧಾರಣೆಗೆ ಕ್ರಮ ಕೈಗೊಳ್ಳಲಾಗಿದೆ ಎಂದರು. ಸಾರಿಗೆ ಇಲಾಖೆಯ ಅಧಿಕಾರಿಗಳು, ಗ್ರಾಮ ಪಂಚಾಯಿತಿ ಅಧ್ಯಕ್ಷರು, ಸದಸ್ಯರು ಹಾಗೂ ಗ್ರಾಮಸ್ಥರು ಉಪಸ್ಥಿತರಿದ್ದರು. ಗ್ರಾಮಸ್ಥರು ಶಾಸಕರನ್ನು ಸನ್ಮಾನಿಸಿ ಅಭಿನಂದಿಸಿದರು. ಬಸ್ ಪ್ರತಿದಿನ ಬೆಳಗ್ಗೆ ಹಾಗೂ ಸಂಜೆ ಸಂಚರಿಸಲಿದೆ. ಶಾಲಾ ಮಕ್ಕಳ ಸಮಯಕ್ಕೆ ಅನುಗುಣವಾಗಿ ಬಸ್ ವೇಳಾಪಟ್ಟಿ ನಿಗದಿಪಡಿಸಲಾಗಿದೆ.
